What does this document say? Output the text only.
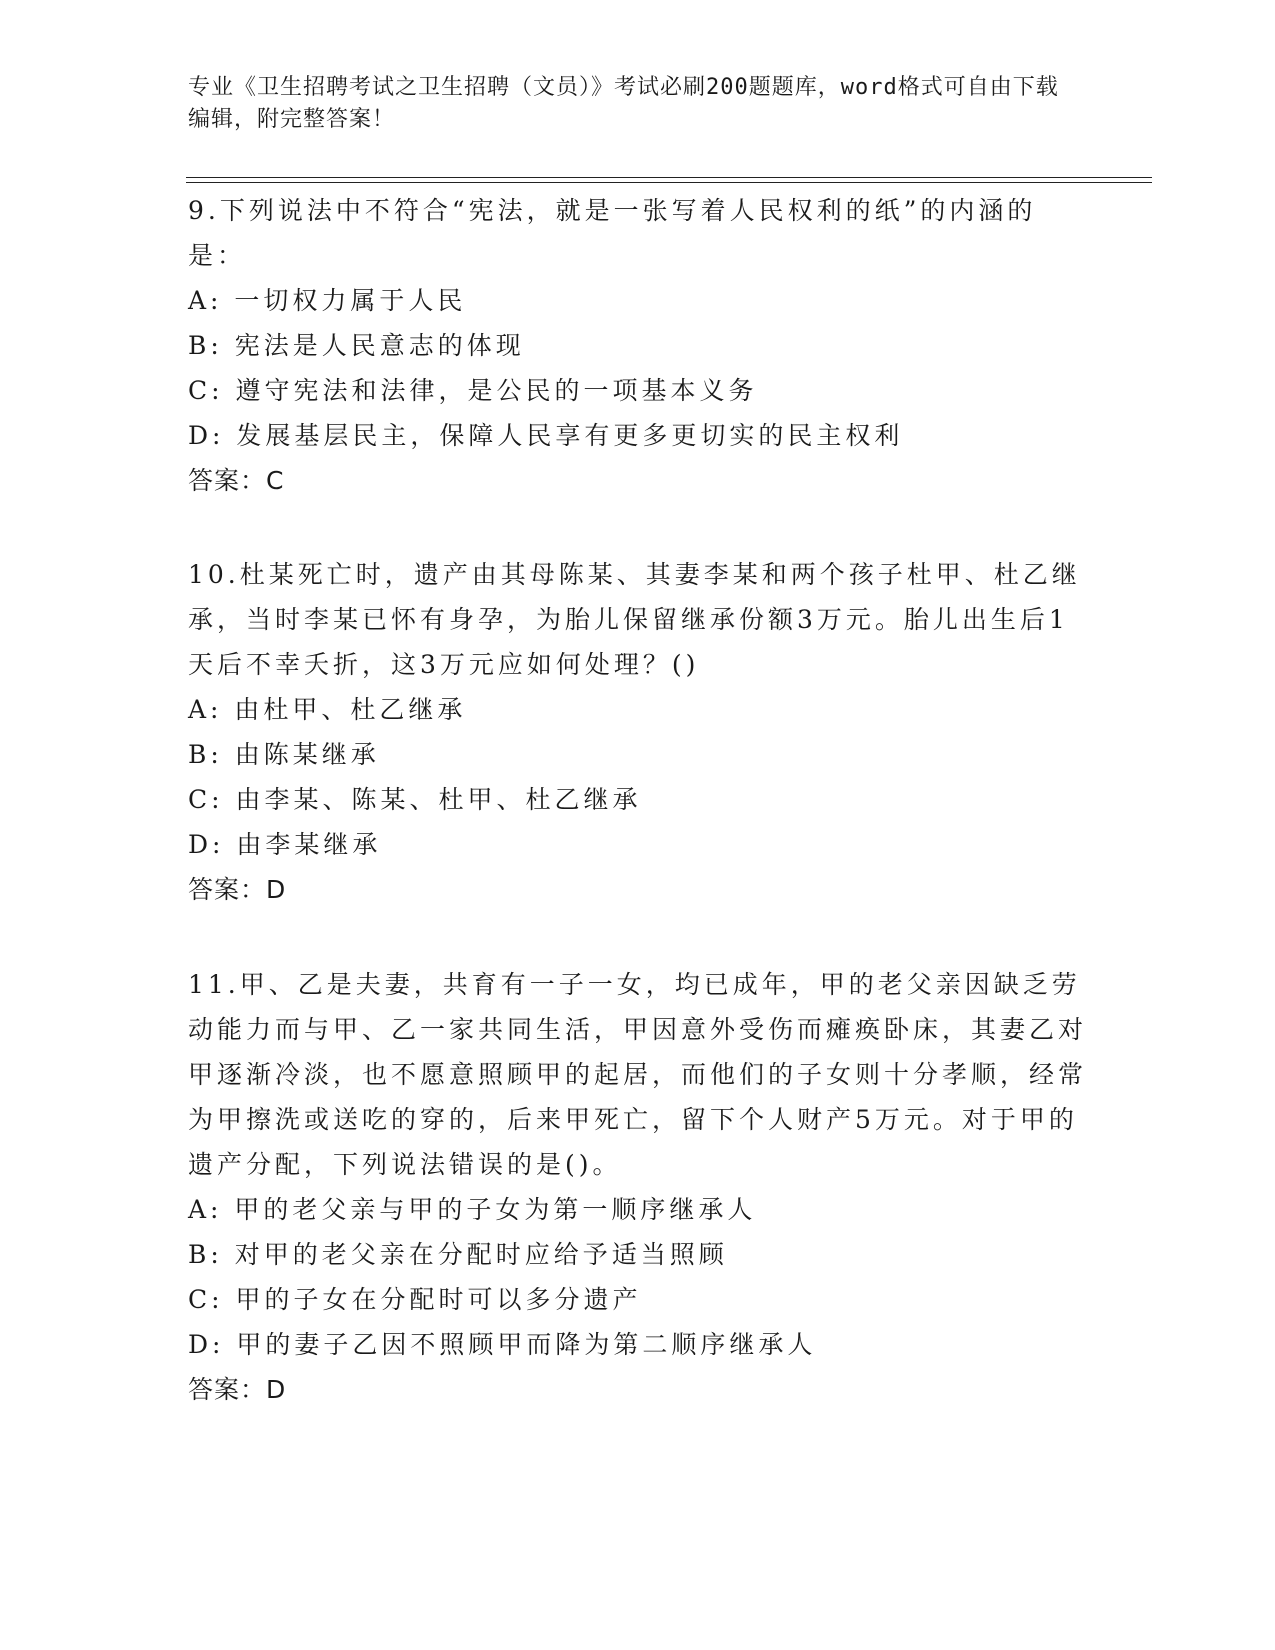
专业《卫生招聘考试之卫生招聘（文员）》考试必刷200题题库，word格式可自由下载编辑，附完整答案！
9.下列说法中不符合“宪法，就是一张写着人民权利的纸”的内涵的是：
A: 一切权力属于人民
B: 宪法是人民意志的体现
C: 遵守宪法和法律，是公民的一项基本义务
D: 发展基层民主，保障人民享有更多更切实的民主权利
答案：C
10.杜某死亡时，遗产由其母陈某、其妻李某和两个孩子杜甲、杜乙继承，当时李某已怀有身孕，为胎儿保留继承份额3万元。胎儿出生后1天后不幸夭折，这3万元应如何处理？()
A: 由杜甲、杜乙继承
B: 由陈某继承
C: 由李某、陈某、杜甲、杜乙继承
D: 由李某继承
答案：D
11.甲、乙是夫妻，共育有一子一女，均已成年，甲的老父亲因缺乏劳动能力而与甲、乙一家共同生活，甲因意外受伤而瘫痪卧床，其妻乙对甲逐渐冷淡，也不愿意照顾甲的起居，而他们的子女则十分孝顺，经常为甲擦洗或送吃的穿的，后来甲死亡，留下个人财产5万元。对于甲的遗产分配，下列说法错误的是()。
A: 甲的老父亲与甲的子女为第一顺序继承人
B: 对甲的老父亲在分配时应给予适当照顾
C: 甲的子女在分配时可以多分遗产
D: 甲的妻子乙因不照顾甲而降为第二顺序继承人
答案：D
